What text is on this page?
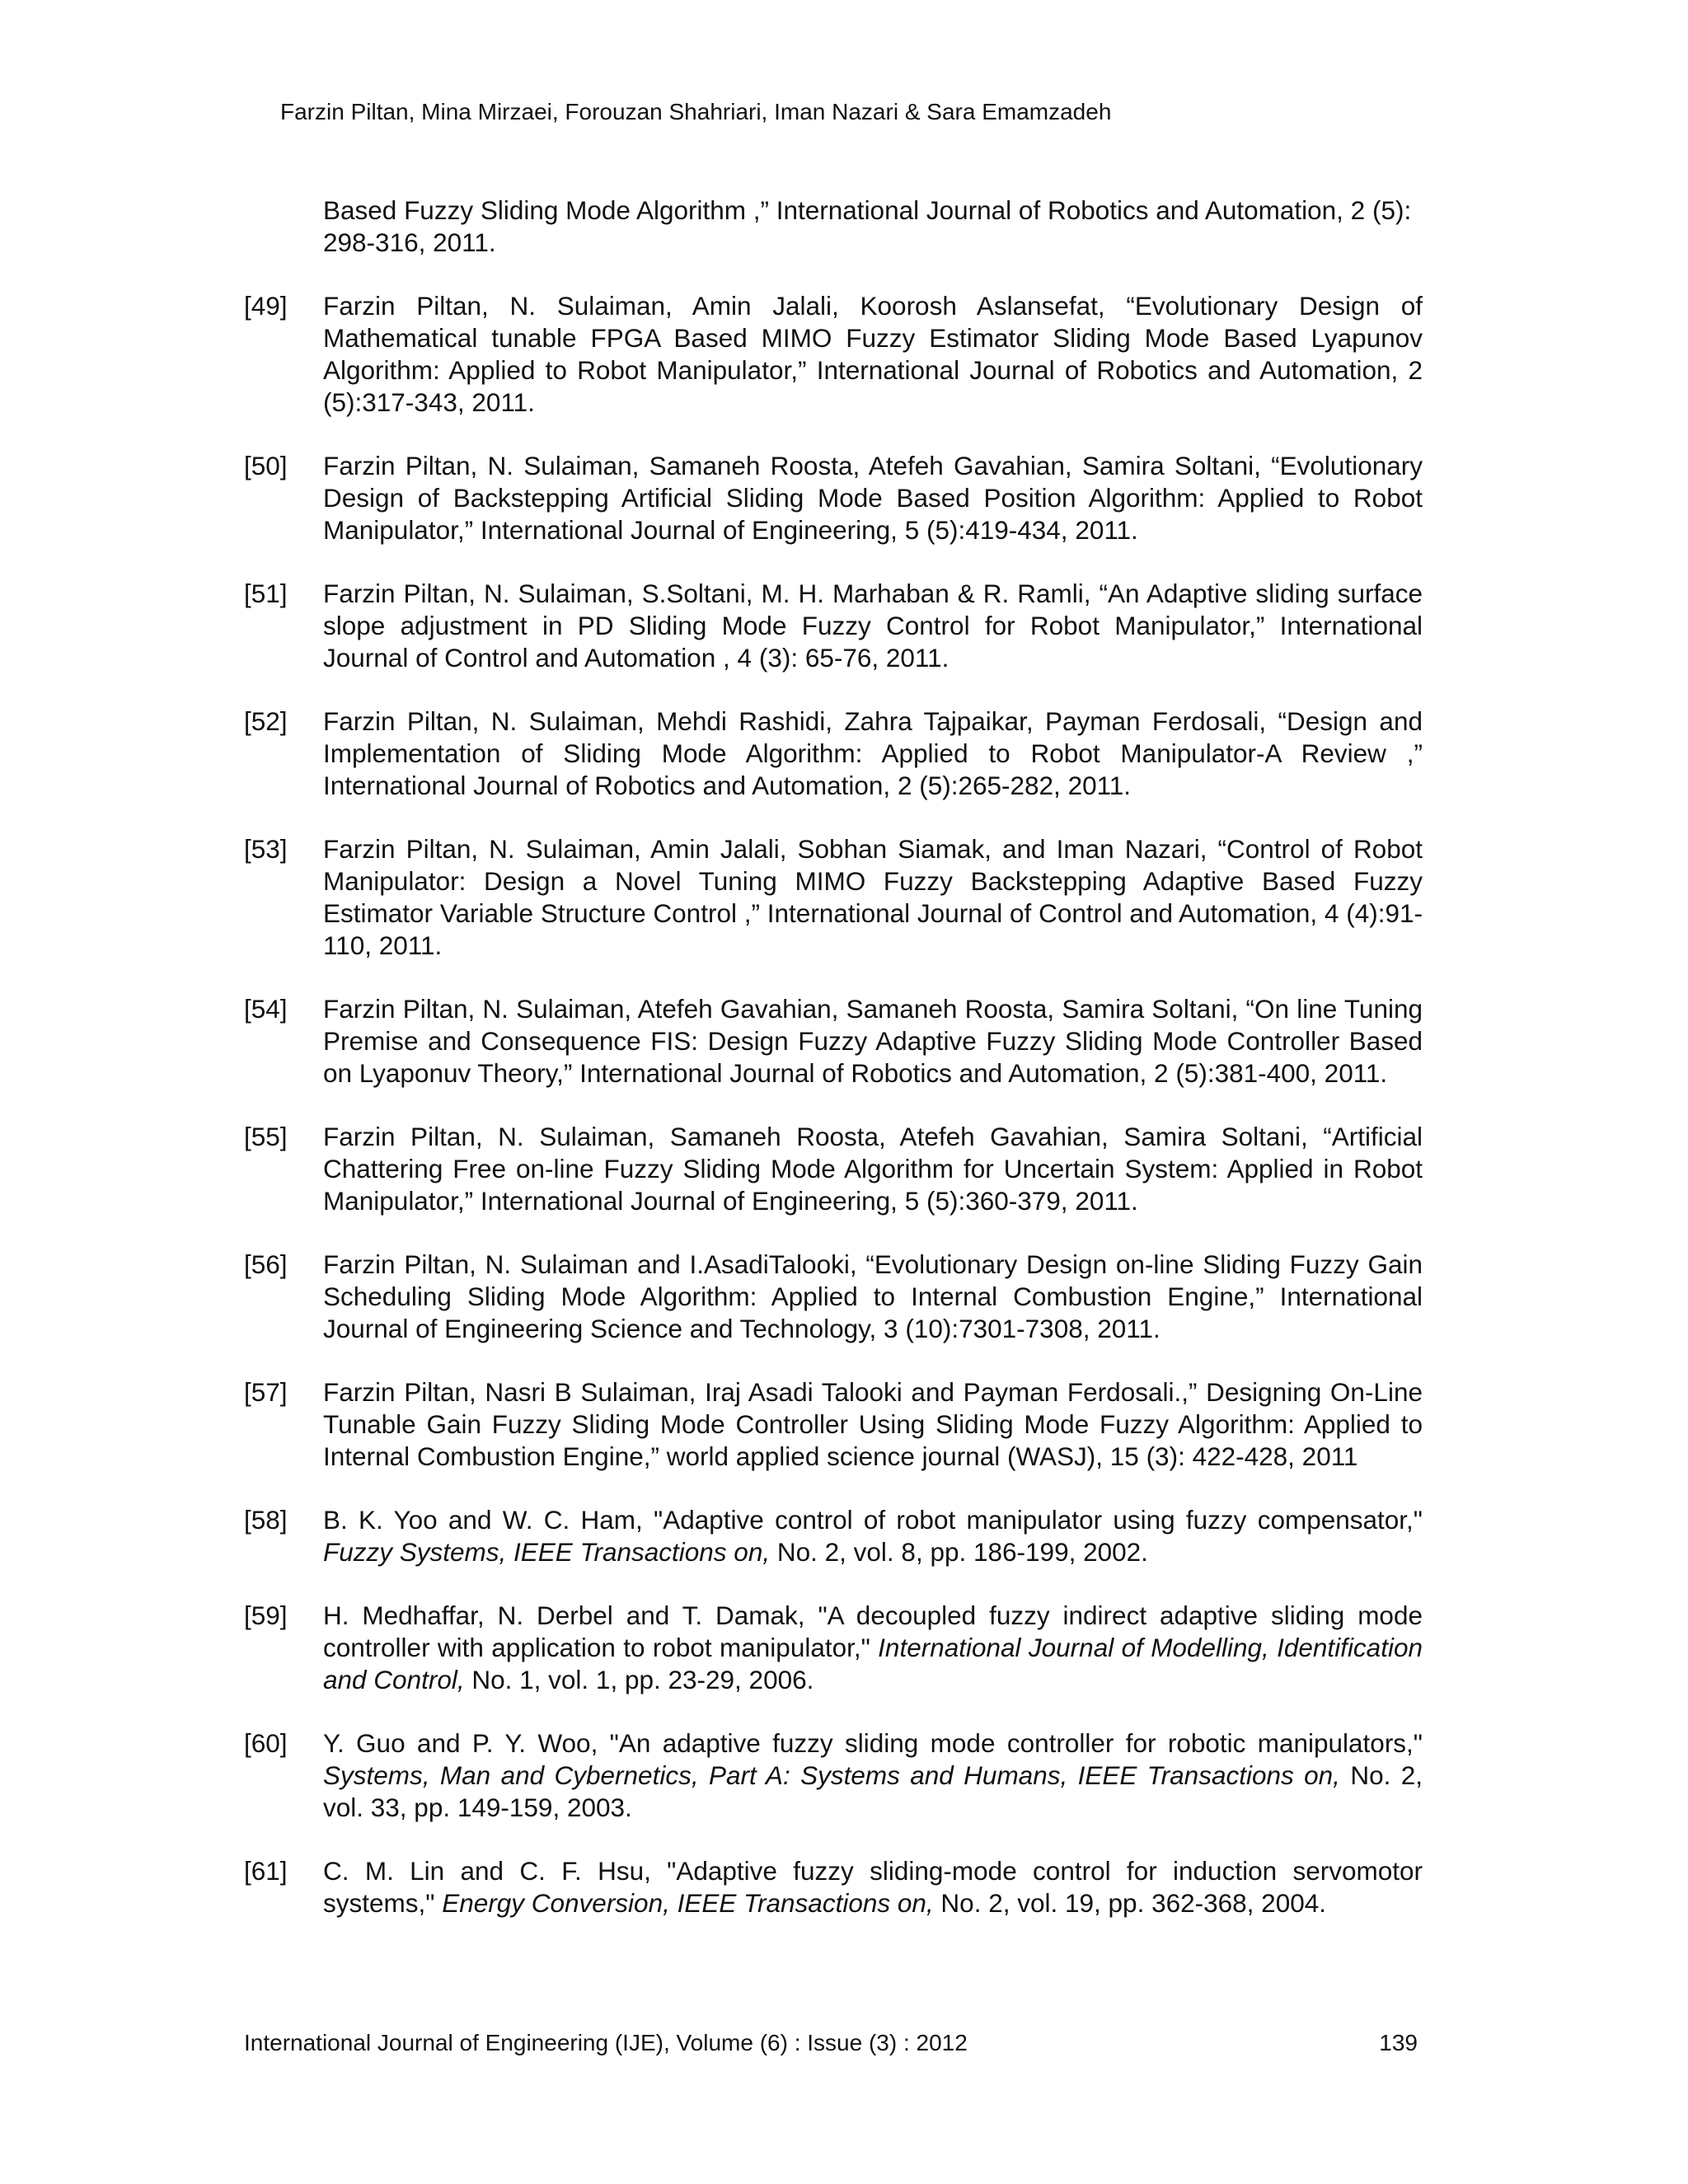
Farzin Piltan, Mina Mirzaei, Forouzan Shahriari, Iman Nazari & Sara Emamzadeh
Based Fuzzy Sliding Mode Algorithm ,” International Journal of Robotics and Automation, 2 (5): 298-316, 2011.
[49]	Farzin Piltan, N. Sulaiman, Amin Jalali, Koorosh Aslansefat, “Evolutionary Design of Mathematical tunable FPGA Based MIMO Fuzzy Estimator Sliding Mode Based Lyapunov Algorithm: Applied to Robot Manipulator,” International Journal of Robotics and Automation, 2 (5):317-343, 2011.
[50]	Farzin Piltan, N. Sulaiman, Samaneh Roosta, Atefeh Gavahian, Samira Soltani, “Evolutionary Design of Backstepping Artificial Sliding Mode Based Position Algorithm: Applied to Robot Manipulator,” International Journal of Engineering, 5 (5):419-434, 2011.
[51]	Farzin Piltan, N. Sulaiman, S.Soltani, M. H. Marhaban & R. Ramli, “An Adaptive sliding surface slope adjustment in PD Sliding Mode Fuzzy Control for Robot Manipulator,” International Journal of Control and Automation , 4 (3): 65-76, 2011.
[52]	Farzin Piltan, N. Sulaiman, Mehdi Rashidi, Zahra Tajpaikar, Payman Ferdosali, “Design and Implementation of Sliding Mode Algorithm: Applied to Robot Manipulator-A Review ,” International Journal of Robotics and Automation, 2 (5):265-282, 2011.
[53]	Farzin Piltan, N. Sulaiman, Amin Jalali, Sobhan Siamak, and Iman Nazari, “Control of Robot Manipulator: Design a Novel Tuning MIMO Fuzzy Backstepping Adaptive Based Fuzzy Estimator Variable Structure Control ,” International Journal of Control and Automation, 4 (4):91-110, 2011.
[54]	Farzin Piltan, N. Sulaiman, Atefeh Gavahian, Samaneh Roosta, Samira Soltani, “On line Tuning Premise and Consequence FIS: Design Fuzzy Adaptive Fuzzy Sliding Mode Controller Based on Lyaponuv Theory,” International Journal of Robotics and Automation, 2 (5):381-400, 2011.
[55]	Farzin Piltan, N. Sulaiman, Samaneh Roosta, Atefeh Gavahian, Samira Soltani, “Artificial Chattering Free on-line Fuzzy Sliding Mode Algorithm for Uncertain System: Applied in Robot Manipulator,” International Journal of Engineering, 5 (5):360-379, 2011.
[56]	Farzin Piltan, N. Sulaiman and I.AsadiTalooki, “Evolutionary Design on-line Sliding Fuzzy Gain Scheduling Sliding Mode Algorithm: Applied to Internal Combustion Engine,” International Journal of Engineering Science and Technology, 3 (10):7301-7308, 2011.
[57]	Farzin Piltan, Nasri B Sulaiman, Iraj Asadi Talooki and Payman Ferdosali.,” Designing On-Line Tunable Gain Fuzzy Sliding Mode Controller Using Sliding Mode Fuzzy Algorithm: Applied to Internal Combustion Engine,” world applied science journal (WASJ), 15 (3): 422-428, 2011
[58]	B. K. Yoo and W. C. Ham, "Adaptive control of robot manipulator using fuzzy compensator," Fuzzy Systems, IEEE Transactions on, No. 2, vol. 8, pp. 186-199, 2002.
[59]	H. Medhaffar, N. Derbel and T. Damak, "A decoupled fuzzy indirect adaptive sliding mode controller with application to robot manipulator," International Journal of Modelling, Identification and Control, No. 1, vol. 1, pp. 23-29, 2006.
[60]	Y. Guo and P. Y. Woo, "An adaptive fuzzy sliding mode controller for robotic manipulators," Systems, Man and Cybernetics, Part A: Systems and Humans, IEEE Transactions on, No. 2, vol. 33, pp. 149-159, 2003.
[61]	C. M. Lin and C. F. Hsu, "Adaptive fuzzy sliding-mode control for induction servomotor systems," Energy Conversion, IEEE Transactions on, No. 2, vol. 19, pp. 362-368, 2004.
International Journal of Engineering (IJE), Volume (6) : Issue (3) : 2012	139
